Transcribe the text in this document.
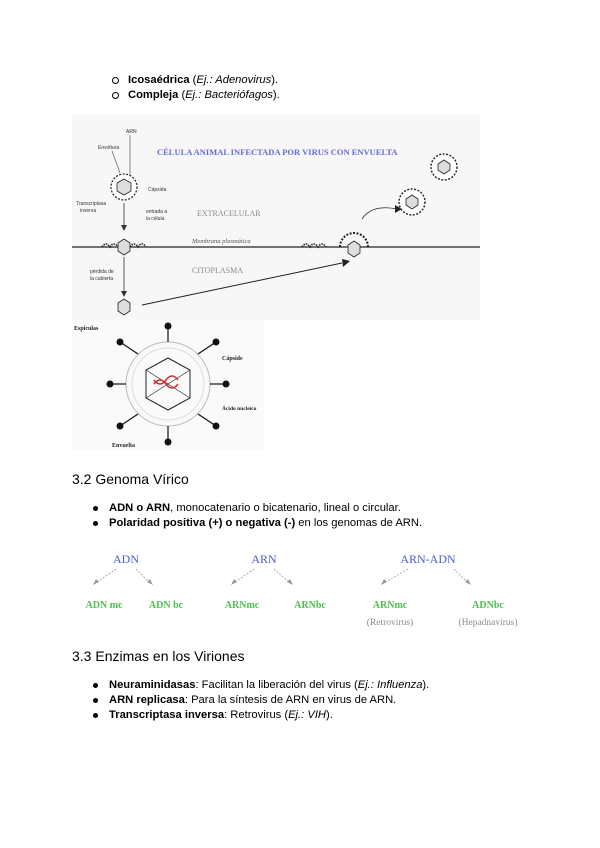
Icosaédrica (Ej.: Adenovirus).
Compleja (Ej.: Bacteriófagos).
CÉLULA ANIMAL INFECTADA POR VIRUS CON ENVUELTA
ARN
Envoltura
Cápsida
Transcriptasa
inversa	entrada a
la célula
EXTRACELULAR
Membrana plasmática
CITOPLASMA
pérdida de
la cubierta
Espiculas
Cápside
Ácido nucleico
Envuelta
3.2 Genoma Vírico
ADN o ARN, monocatenario o bicatenario, lineal o circular.
Polaridad positiva (+) o negativa (-) en los genomas de ARN.
ADN	ARN	ARN-ADN
ADN mc	ADN bc	ARNmc	ARNbc	ARNmc	ADNbc
(Retrovirus)	(Hepadnavirus)
3.3 Enzimas en los Viriones
Neuraminidasas: Facilitan la liberación del virus (Ej.: Influenza).
ARN replicasa: Para la síntesis de ARN en virus de ARN.
Transcriptasa inversa: Retrovirus (Ej.: VIH).
